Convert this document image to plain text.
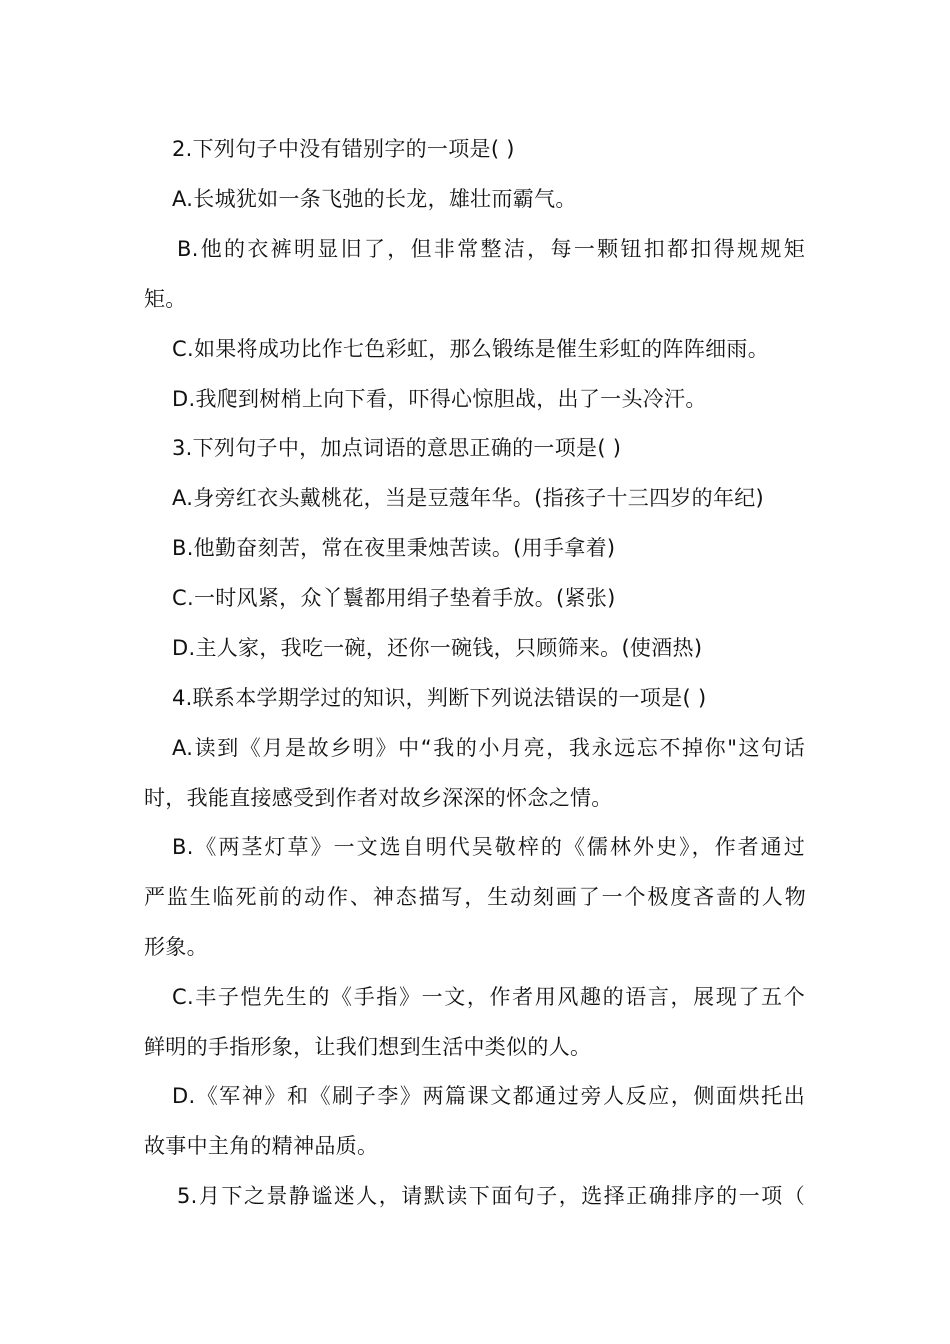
2.下列句子中没有错别字的一项是( )
A.长城犹如一条飞弛的长龙，雄壮而霸气。
B.他的衣裤明显旧了，但非常整洁，每一颗钮扣都扣得规规矩
矩。
C.如果将成功比作七色彩虹，那么锻练是催生彩虹的阵阵细雨。
D.我爬到树梢上向下看，吓得心惊胆战，出了一头冷汗。
3.下列句子中，加点词语的意思正确的一项是( )
A.身旁红衣头戴桃花，当是豆蔻年华。(指孩子十三四岁的年纪)
B.他勤奋刻苦，常在夜里秉烛苦读。(用手拿着)
C.一时风紧，众丫鬟都用绢子垫着手放。(紧张)
D.主人家，我吃一碗，还你一碗钱，只顾筛来。(使酒热)
4.联系本学期学过的知识，判断下列说法错误的一项是( )
A.读到《月是故乡明》中“我的小月亮，我永远忘不掉你"这句话
时，我能直接感受到作者对故乡深深的怀念之情。
B.《两茎灯草》一文选自明代吴敬梓的《儒林外史》，作者通过
严监生临死前的动作、神态描写，生动刻画了一个极度吝啬的人物
形象。
C.丰子恺先生的《手指》一文，作者用风趣的语言，展现了五个
鲜明的手指形象，让我们想到生活中类似的人。
D.《军神》和《刷子李》两篇课文都通过旁人反应，侧面烘托出
故事中主角的精神品质。
5.月下之景静谧迷人，请默读下面句子，选择正确排序的一项（
